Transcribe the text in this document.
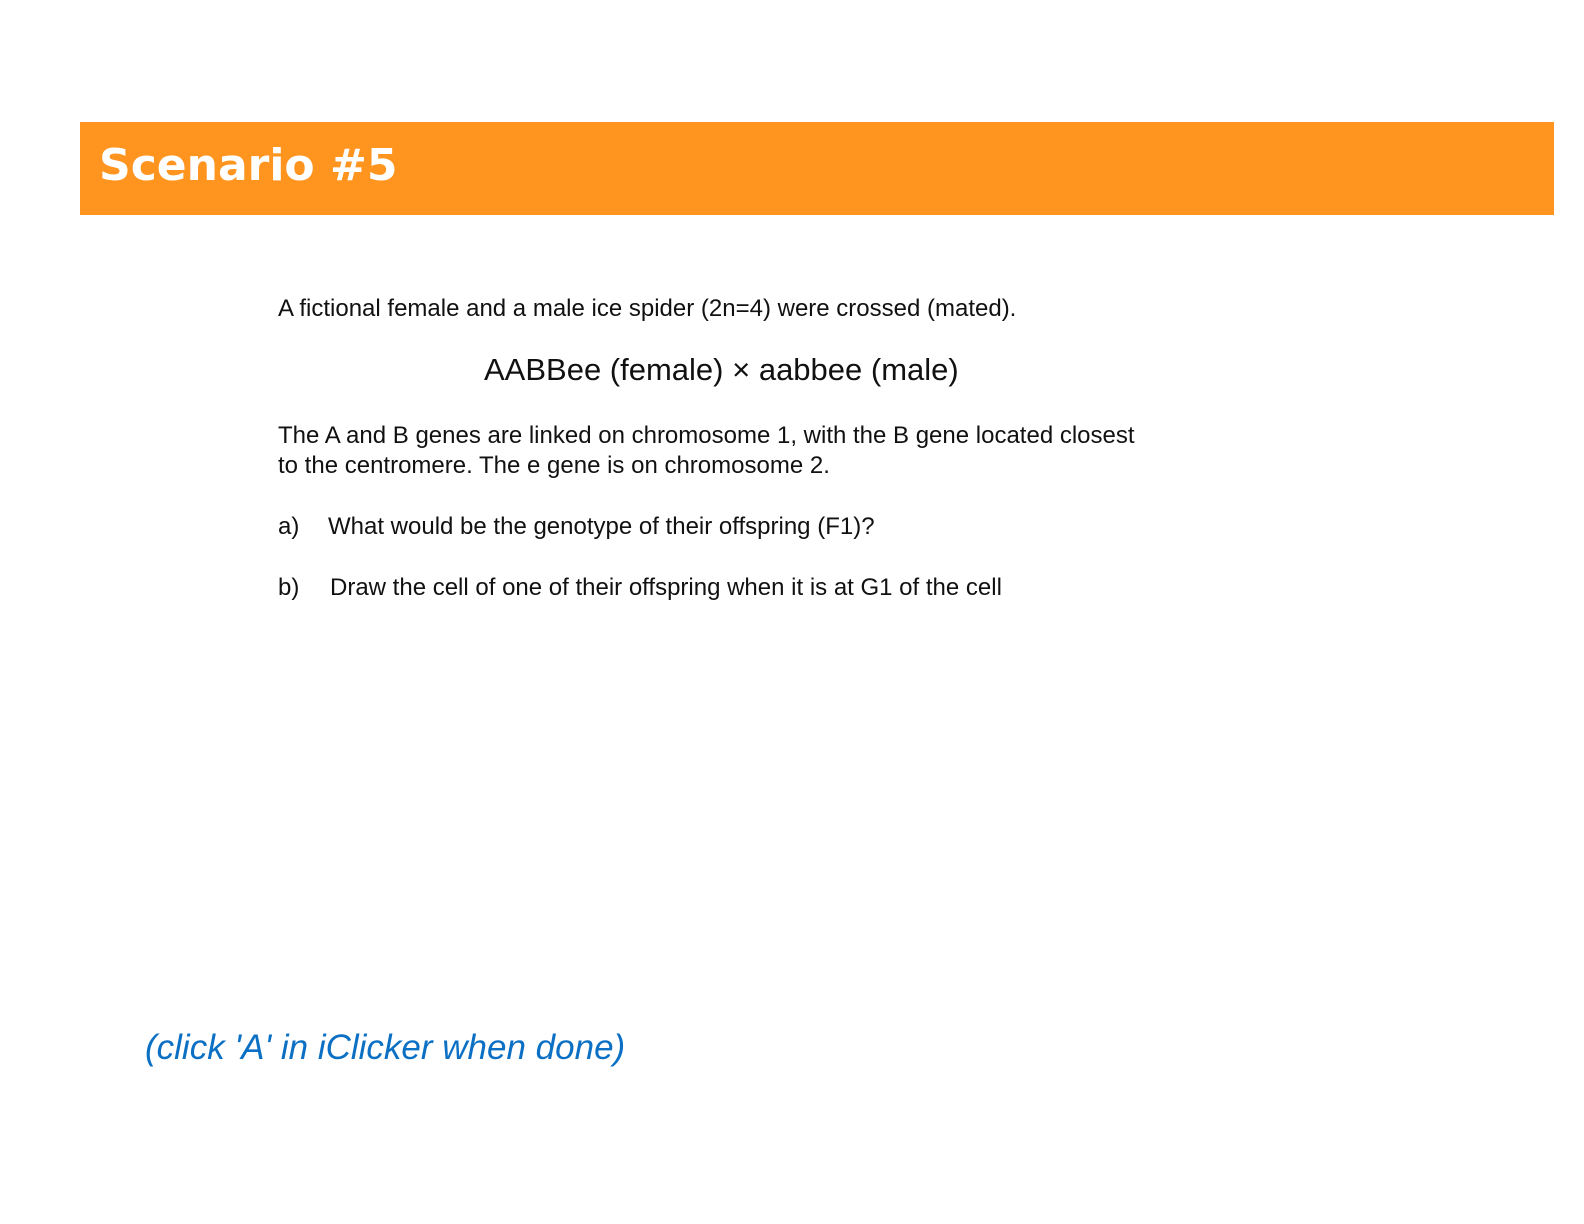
Scenario #5
A fictional female and a male ice spider (2n=4) were crossed (mated).
AABBee (female) × aabbee (male)
The A and B genes are linked on chromosome 1, with the B gene located closest
to the centromere. The e gene is on chromosome 2.
a) What would be the genotype of their offspring (F1)?
b) Draw the cell of one of their offspring when it is at G1 of the cell
(click 'A' in iClicker when done)
